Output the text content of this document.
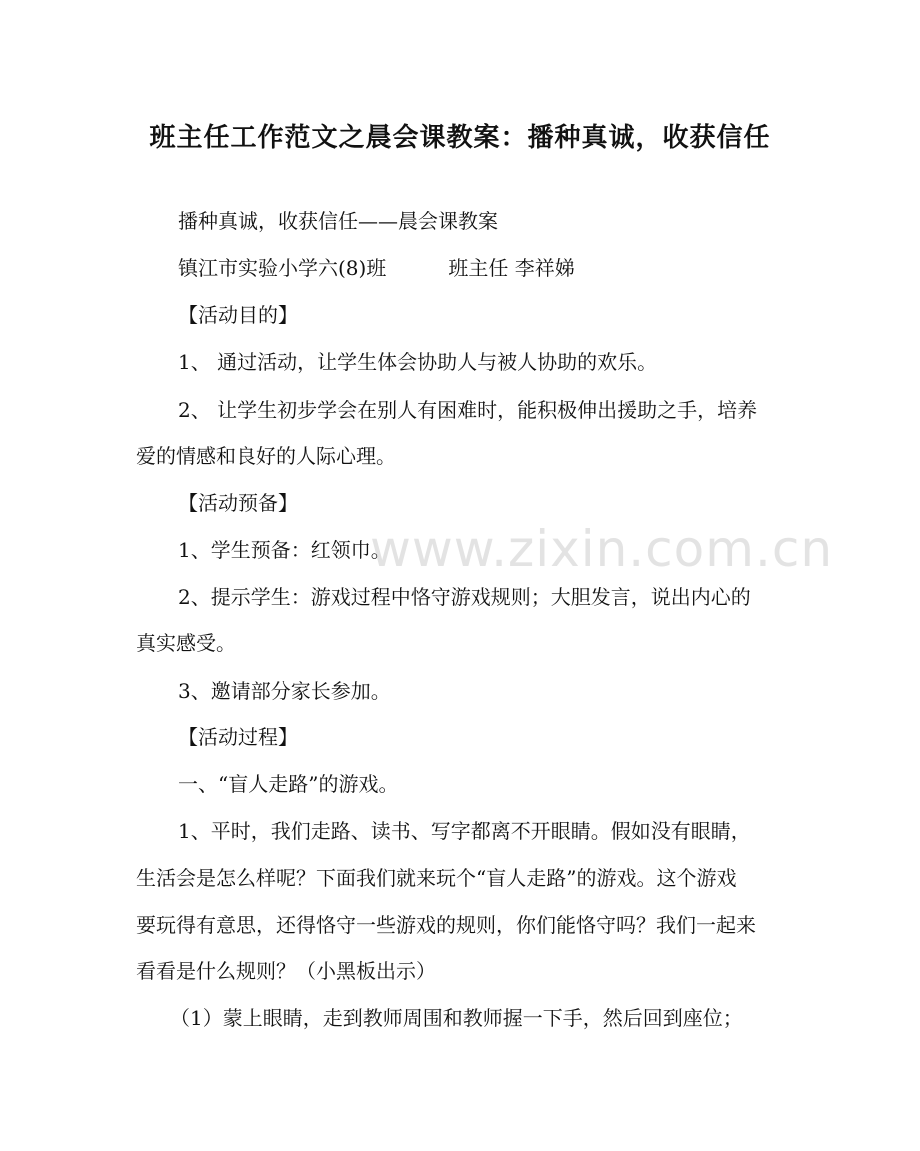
www.zixin.com.cn
班主任工作范文之晨会课教案：播种真诚，收获信任
播种真诚，收获信任——晨会课教案
镇江市实验小学六(8)班	班主任 李祥娣
【活动目的】
1、 通过活动，让学生体会协助人与被人协助的欢乐。
2、 让学生初步学会在别人有困难时，能积极伸出援助之手，培养
爱的情感和良好的人际心理。
【活动预备】
1、学生预备：红领巾。
2、提示学生：游戏过程中恪守游戏规则；大胆发言，说出内心的
真实感受。
3、邀请部分家长参加。
【活动过程】
一、“盲人走路”的游戏。
1、平时，我们走路、读书、写字都离不开眼睛。假如没有眼睛，
生活会是怎么样呢？下面我们就来玩个“盲人走路”的游戏。这个游戏
要玩得有意思，还得恪守一些游戏的规则，你们能恪守吗？我们一起来
看看是什么规则？（小黑板出示）
（1）蒙上眼睛，走到教师周围和教师握一下手，然后回到座位；
